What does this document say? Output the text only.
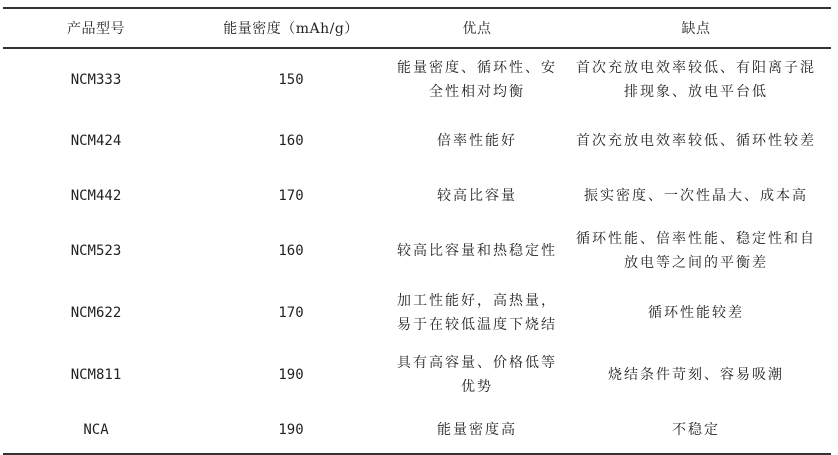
产品型号	能量密度（mAh/g）	优点	缺点
NCM333	150	能量密度、循环性、安全性相对均衡	首次充放电效率较低、有阳离子混排现象、放电平台低
NCM424	160	倍率性能好	首次充放电效率较低、循环性较差
NCM442	170	较高比容量	振实密度、一次性晶大、成本高
NCM523	160	较高比容量和热稳定性	循环性能、倍率性能、稳定性和自放电等之间的平衡差
NCM622	170	加工性能好，高热量，易于在较低温度下烧结	循环性能较差
NCM811	190	具有高容量、价格低等优势	烧结条件苛刻、容易吸潮
NCA	190	能量密度高	不稳定
